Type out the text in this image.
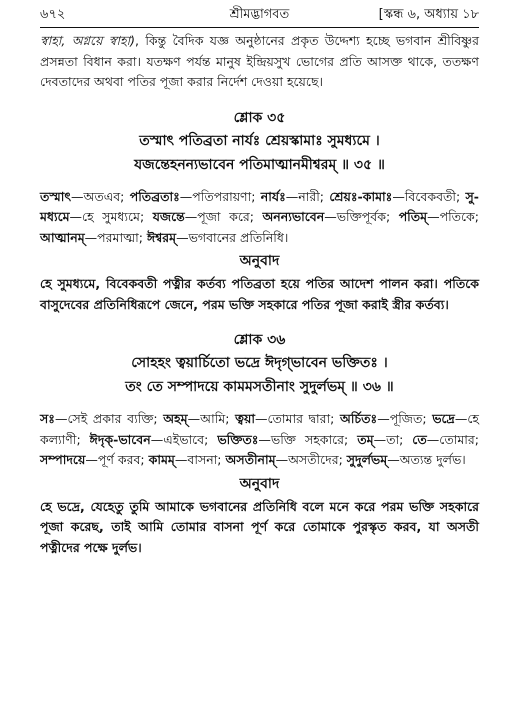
৬৭২	শ্রীমদ্ভাগবত	[স্কন্ধ ৬, অধ্যায় ১৮

স্বাহা, অগ্নয়ে স্বাহা), কিন্তু বৈদিক যজ্ঞ অনুষ্ঠানের প্রকৃত উদ্দেশ্য হচ্ছে ভগবান শ্রীবিষ্ণুর প্রসন্নতা বিধান করা। যতক্ষণ পর্যন্ত মানুষ ইন্দ্রিয়সুখ ভোগের প্রতি আসক্ত থাকে, ততক্ষণ দেবতাদের অথবা পতির পূজা করার নির্দেশ দেওয়া হয়েছে।

শ্লোক ৩৫

তস্মাৎ পতিব্রতা নার্যঃ শ্রেয়স্কামাঃ সুমধ্যমে ।

যজন্তেহনন্যভাবেন পতিমাত্মানমীশ্বরম্ ॥ ৩৫ ॥

তস্মাৎ—অতএব; পতিব্রতাঃ—পতিপরায়ণা; নার্যঃ—নারী; শ্রেয়ঃ-কামাঃ—বিবেকবতী; সু-মধ্যমে—হে সুমধ্যমে; যজন্তে—পূজা করে; অনন্যভাবেন—ভক্তিপূর্বক; পতিম্—পতিকে; আত্মানম্—পরমাত্মা; ঈশ্বরম্—ভগবানের প্রতিনিধি।

অনুবাদ

হে সুমধ্যমে, বিবেকবতী পত্নীর কর্তব্য পতিব্রতা হয়ে পতির আদেশ পালন করা। পতিকে বাসুদেবের প্রতিনিধিরূপে জেনে, পরম ভক্তি সহকারে পতির পূজা করাই স্ত্রীর কর্তব্য।

শ্লোক ৩৬

সোহহং ত্বয়ার্চিতো ভদ্রে ঈদৃগ্‌ভাবেন ভক্তিতঃ ।

তং তে সম্পাদয়ে কামমসতীনাং সুদুর্লভম্ ॥ ৩৬ ॥

সঃ—সেই প্রকার ব্যক্তি; অহম্—আমি; ত্বয়া—তোমার দ্বারা; অর্চিতঃ—পূজিত; ভদ্রে—হে কল্যাণী; ঈদৃক্-ভাবেন—এইভাবে; ভক্তিতঃ—ভক্তি সহকারে; তম্—তা; তে—তোমার; সম্পাদয়ে—পূর্ণ করব; কামম্—বাসনা; অসতীনাম্—অসতীদের; সুদুর্লভম্—অত্যন্ত দুর্লভ।

অনুবাদ

হে ভদ্রে, যেহেতু তুমি আমাকে ভগবানের প্রতিনিধি বলে মনে করে পরম ভক্তি সহকারে পূজা করেছ, তাই আমি তোমার বাসনা পূর্ণ করে তোমাকে পুরস্কৃত করব, যা অসতী পত্নীদের পক্ষে দুর্লভ।
